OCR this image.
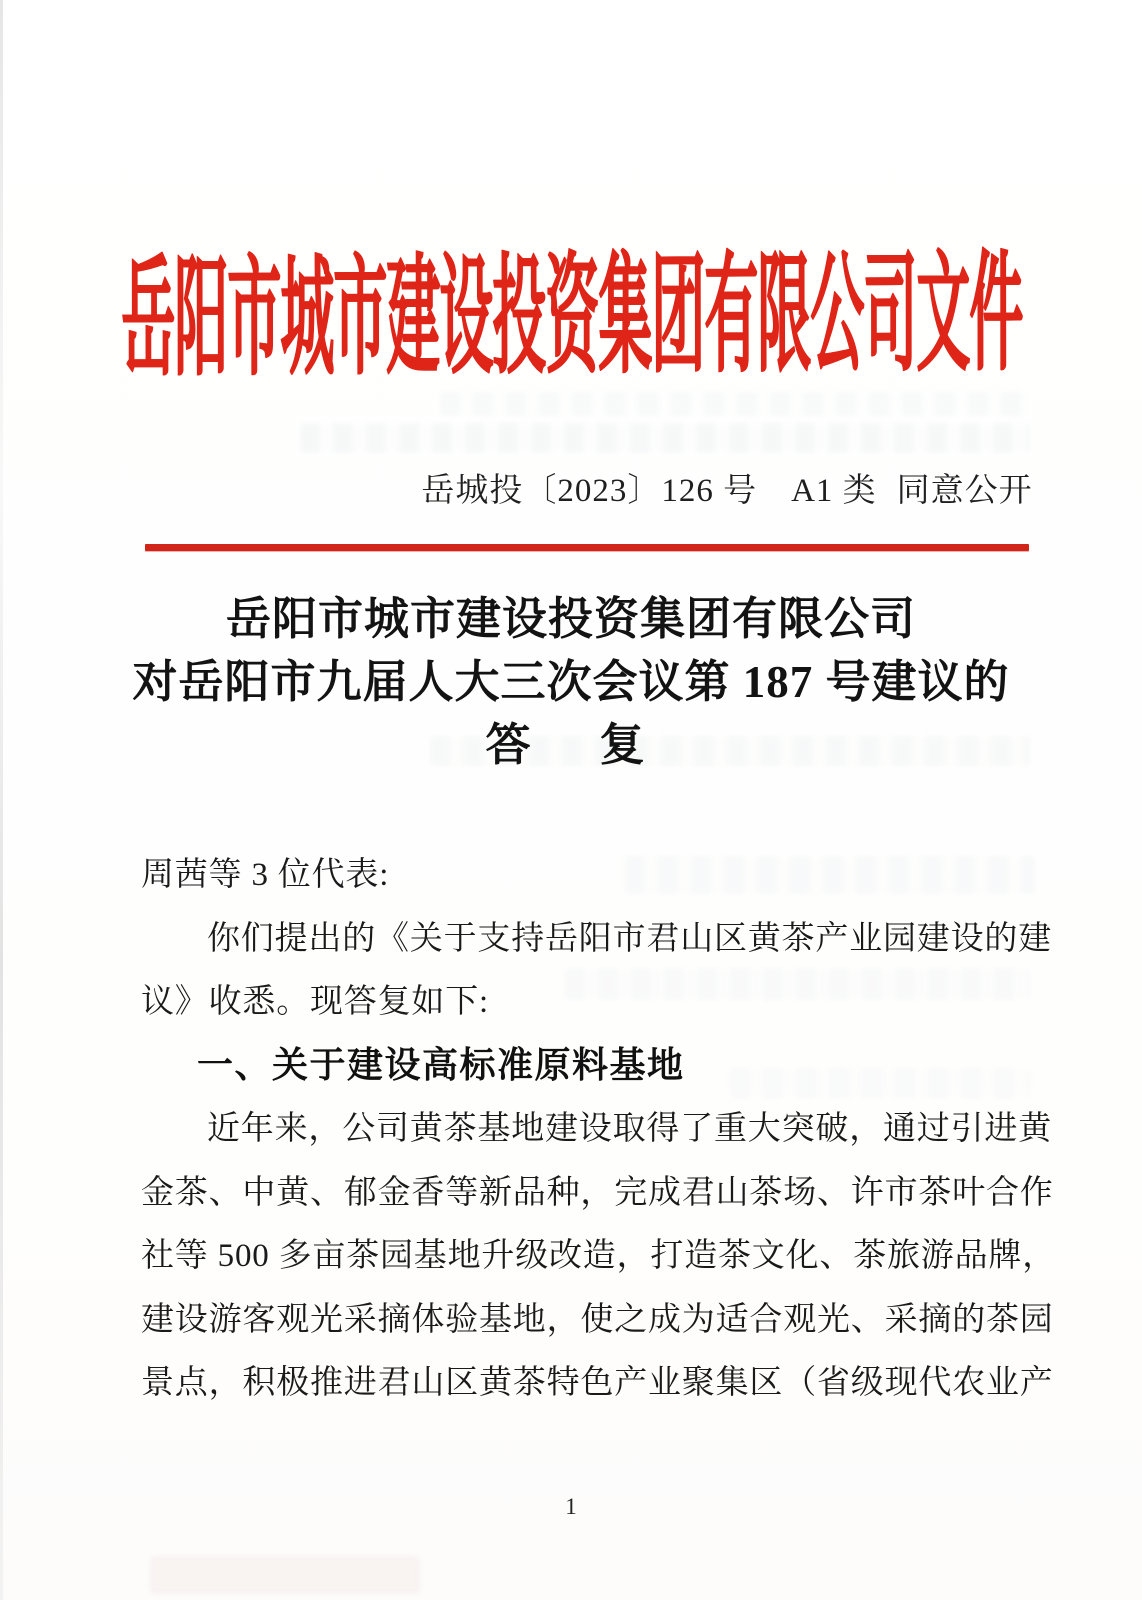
岳阳市城市建设投资集团有限公司文件
岳城投〔2023〕126 号 A1 类 同意公开
岳阳市城市建设投资集团有限公司
对岳阳市九届人大三次会议第 187 号建议的
答　复
周茜等 3 位代表:
你们提出的《关于支持岳阳市君山区黄茶产业园建设的建
议》收悉。现答复如下:
一、关于建设高标准原料基地
近年来，公司黄茶基地建设取得了重大突破，通过引进黄
金茶、中黄、郁金香等新品种，完成君山茶场、许市茶叶合作
社等 500 多亩茶园基地升级改造，打造茶文化、茶旅游品牌，
建设游客观光采摘体验基地，使之成为适合观光、采摘的茶园
景点，积极推进君山区黄茶特色产业聚集区（省级现代农业产
1
